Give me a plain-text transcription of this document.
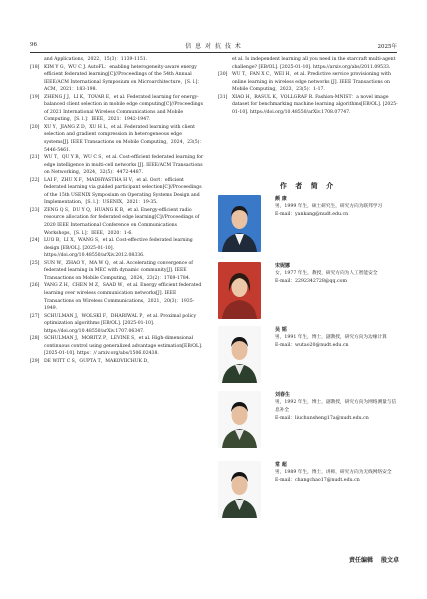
96	信 息 对 抗 技 术	2025年
and Applications，2022，15(3)：1139-1151.
[18] KIM Y G，WU C J. AutoFL：enabling heterogeneity-aware energy efficient federated learning[C]//Proceedings of the 54th Annual IEEE/ACM International Symposium on Microarchitecture，[S. l.]：ACM，2021：183-198.
[19] ZHENG J J，LI K，TOVAR E，et al. Federated learning for energy-balanced client selection in mobile edge computing[C]//Proceedings of 2021 International Wireless Communications and Mobile Computing，[S. l.]：IEEE，2021：1942-1947.
[20] XU Y，JIANG Z D，XU H L，et al. Federated learning with client selection and gradient compression in heterogeneous edge systems[J]. IEEE Transactions on Mobile Computing，2024，23(5)：5446-5461.
[21] WU T，QU Y B，WU C S，et al. Cost-efficient federated learning for edge intelligence in multi-cell networks [J]. IEEE/ACM Transactions on Networking，2024，32(5)：4472-4487.
[22] LAI F，ZHU X F，MADHYASTHA H V，et al. Oort：efficient federated learning via guided participant selection[C]//Proceedings of the 15th USENIX Symposium on Operating Systems Design and Implementation，[S. l.]：USENIX，2021：19-35.
[23] ZENG Q S，DU Y Q，HUANG K B，et al. Energy-efficient radio resource allocation for federated edge learning[C]//Proceedings of 2020 IEEE International Conference on Communications Workshops，[S. l.]：IEEE，2020：1-6.
[24] LUO B，LI X，WANG S，et al. Cost-effective federated learning design [EB/OL]. [2025-01-10]. https://doi.org/10.48550/arXiv.2012.08336.
[25] SUN W，ZHAO Y，MA W Q，et al. Accelerating convergence of federated learning in MEC with dynamic community[J]. IEEE Transactions on Mobile Computing，2024，23(2)：1769-1784.
[26] YANG Z H，CHEN M Z，SAAD W，et al. Energy efficient federated learning over wireless communication networks[J]. IEEE Transactions on Wireless Communications，2021，20(3)：1935-1949.
[27] SCHULMAN J，WOLSKI F，DHARIWAL P，et al. Proximal policy optimization algorithms [EB/OL]. [2025-01-10]. https://doi.org/10.48550/arXiv.1707.06347.
[28] SCHULMAN J，MORITZ P，LEVINE S，et al. High-dimensional continuous control using generalized advantage estimation[EB/OL]. [2025-01-10]. https：// arxiv.org/abs/1506.02438.
[29] DE WITT C S，GUPTA T，MAKOVIICHUK D，
et al. Is independent learning all you need in the starcraft multi-agent challenge? [EB/OL]. [2025-01-10]. https://arxiv.org/abs/2011.09533.
[30] WU T，FAN X C，WEI H，et al. Predictive service provisioning with online learning in wireless edge networks [J]. IEEE Transactions on Mobile Computing，2023，23(5)：1-17.
[31] XIAO H，RASUL K，VOLLGRAF R. Fashion-MNIST：a novel image dataset for benchmarking machine learning algorithms[EB/OL]. [2025-01-10]. https://doi.org/10.48550/arXiv.1708.07747.
作 者 简 介
颜 康
男，1999 年生，硕士研究生，研究方向为联邦学习
E-mail：yankang@nudt.edu.cn
宋妮娜
女，1977 年生，教授，研究方向为人工智能安全
E-mail：2292342728@qq.com
吴 韬
男，1991 年生，博士，副教授，研究方向为边缘计算
E-mail：wutao20@nudt.edu.cn
刘春生
男，1992 年生，博士，副教授，研究方向为网络测量与信息补全
E-mail：liuchunsheng17a@nudt.edu.cn
常 超
男，1989 年生，博士，讲师，研究方向为无线网络安全
E-mail：changchao17@nudt.edu.cn
责任编辑 殷文卓
